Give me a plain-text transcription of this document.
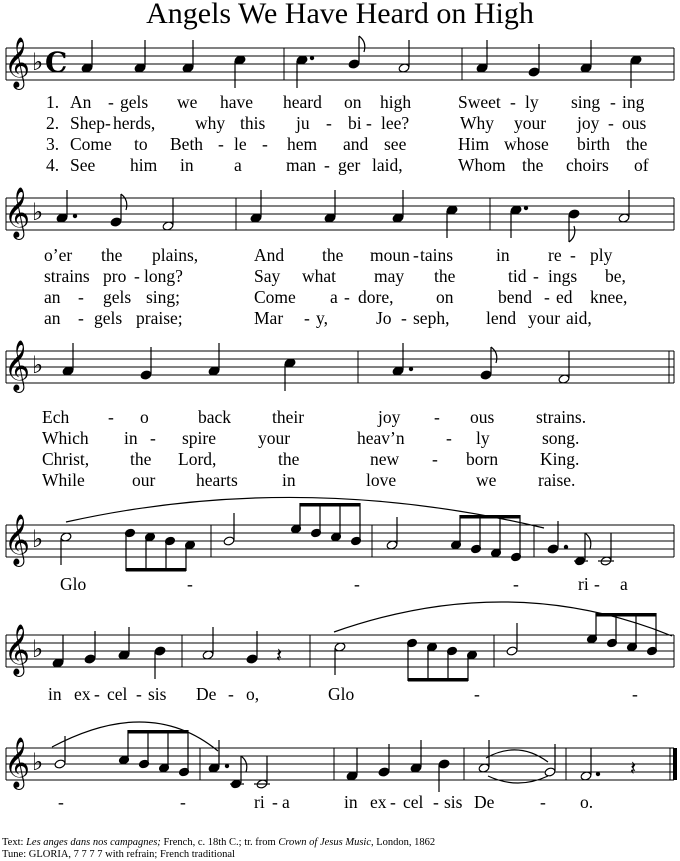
Angels We Have Heard on High
𝄞 ♭ C
1.
2.
3.
4.
An - gels we have heard on high	Sweet - ly sing - ing
Shep- herds, why this ju - bi - lee?	Why your joy - ous
Come to Beth - le - hem and see	Him whose birth the
See him in a	man - ger laid,	Whom the choirs of
𝄞 ♭
o’er the plains,	And the moun - tains in re - ply
strains pro - long?	Say what may the	tid - ings be,
an - gels sing;	Come a - dore, on	bend - ed knee,
an - gels praise;	Mar - y,	Jo - seph, lend your aid,
𝄞 ♭
Ech - o	back their	joy - ous strains.
Which in - spire your	heav’n - ly	song.
Christ, the Lord,	the	new - born King.
While	our hearts	in	love	we raise.
𝄞 ♭
Glo	-	-	-	ri - a
𝄞 ♭	𝄽
in ex - cel - sis De - o,	Glo	-	-
𝄞 ♭	𝄽
-	-	ri - a	in ex - cel - sis De	- o.
Text: Les anges dans nos campagnes; French, c. 18th C.; tr. from Crown of Jesus Music, London, 1862
Tune: GLORIA, 7 7 7 7 with refrain; French traditional
